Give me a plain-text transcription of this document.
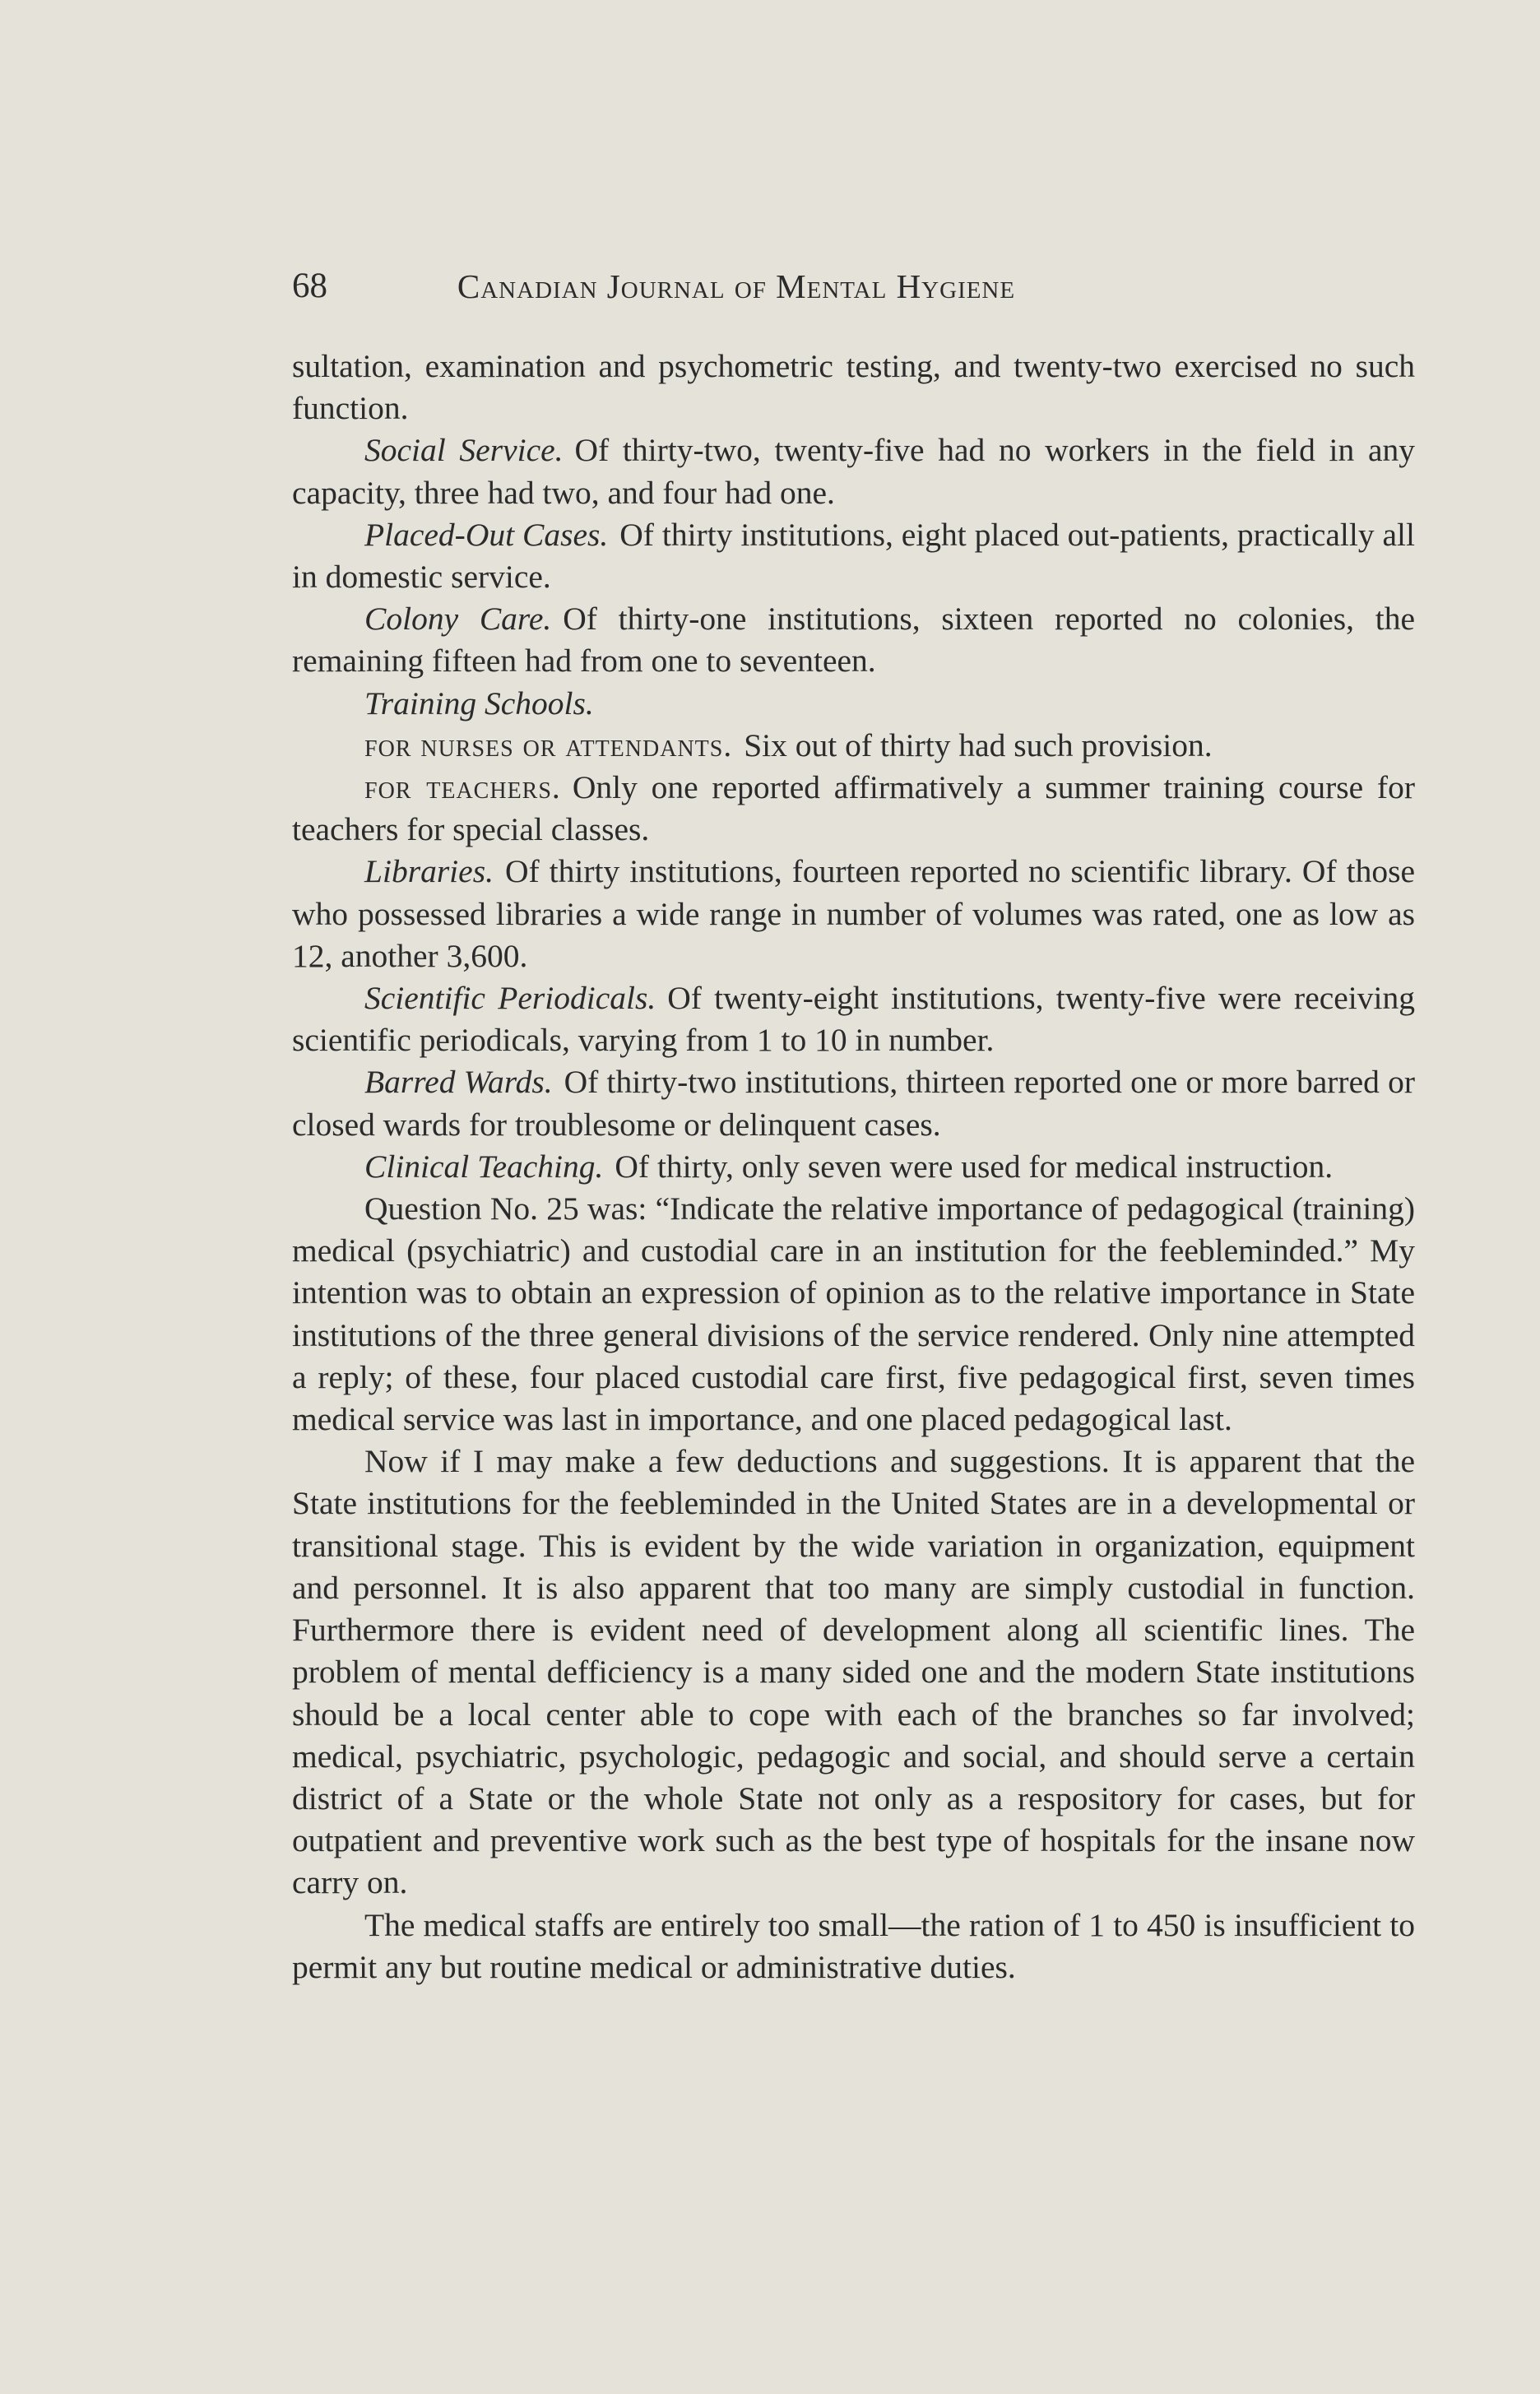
68	Canadian Journal of Mental Hygiene

sultation, examination and psychometric testing, and twenty-two exercised no such function.

Social Service. Of thirty-two, twenty-five had no workers in the field in any capacity, three had two, and four had one.

Placed-Out Cases. Of thirty institutions, eight placed out-patients, practically all in domestic service.

Colony Care. Of thirty-one institutions, sixteen reported no colonies, the remaining fifteen had from one to seventeen.

Training Schools.

for nurses or attendants. Six out of thirty had such provision.

for teachers. Only one reported affirmatively a summer training course for teachers for special classes.

Libraries. Of thirty institutions, fourteen reported no scientific library. Of those who possessed libraries a wide range in number of volumes was rated, one as low as 12, another 3,600.

Scientific Periodicals. Of twenty-eight institutions, twenty-five were receiving scientific periodicals, varying from 1 to 10 in number.

Barred Wards. Of thirty-two institutions, thirteen reported one or more barred or closed wards for troublesome or delinquent cases.

Clinical Teaching. Of thirty, only seven were used for medical instruction.

Question No. 25 was: “Indicate the relative importance of pedagogical (training) medical (psychiatric) and custodial care in an institution for the feebleminded.” My intention was to obtain an expression of opinion as to the relative importance in State institutions of the three general divisions of the service rendered. Only nine attempted a reply; of these, four placed custodial care first, five pedagogical first, seven times medical service was last in importance, and one placed pedagogical last.

Now if I may make a few deductions and suggestions. It is apparent that the State institutions for the feebleminded in the United States are in a developmental or transitional stage. This is evident by the wide variation in organization, equipment and personnel. It is also apparent that too many are simply custodial in function. Furthermore there is evident need of development along all scientific lines. The problem of mental defficiency is a many sided one and the modern State institutions should be a local center able to cope with each of the branches so far involved; medical, psychiatric, psychologic, pedagogic and social, and should serve a certain district of a State or the whole State not only as a respository for cases, but for outpatient and preventive work such as the best type of hospitals for the insane now carry on.

The medical staffs are entirely too small—the ration of 1 to 450 is insufficient to permit any but routine medical or administrative duties.
